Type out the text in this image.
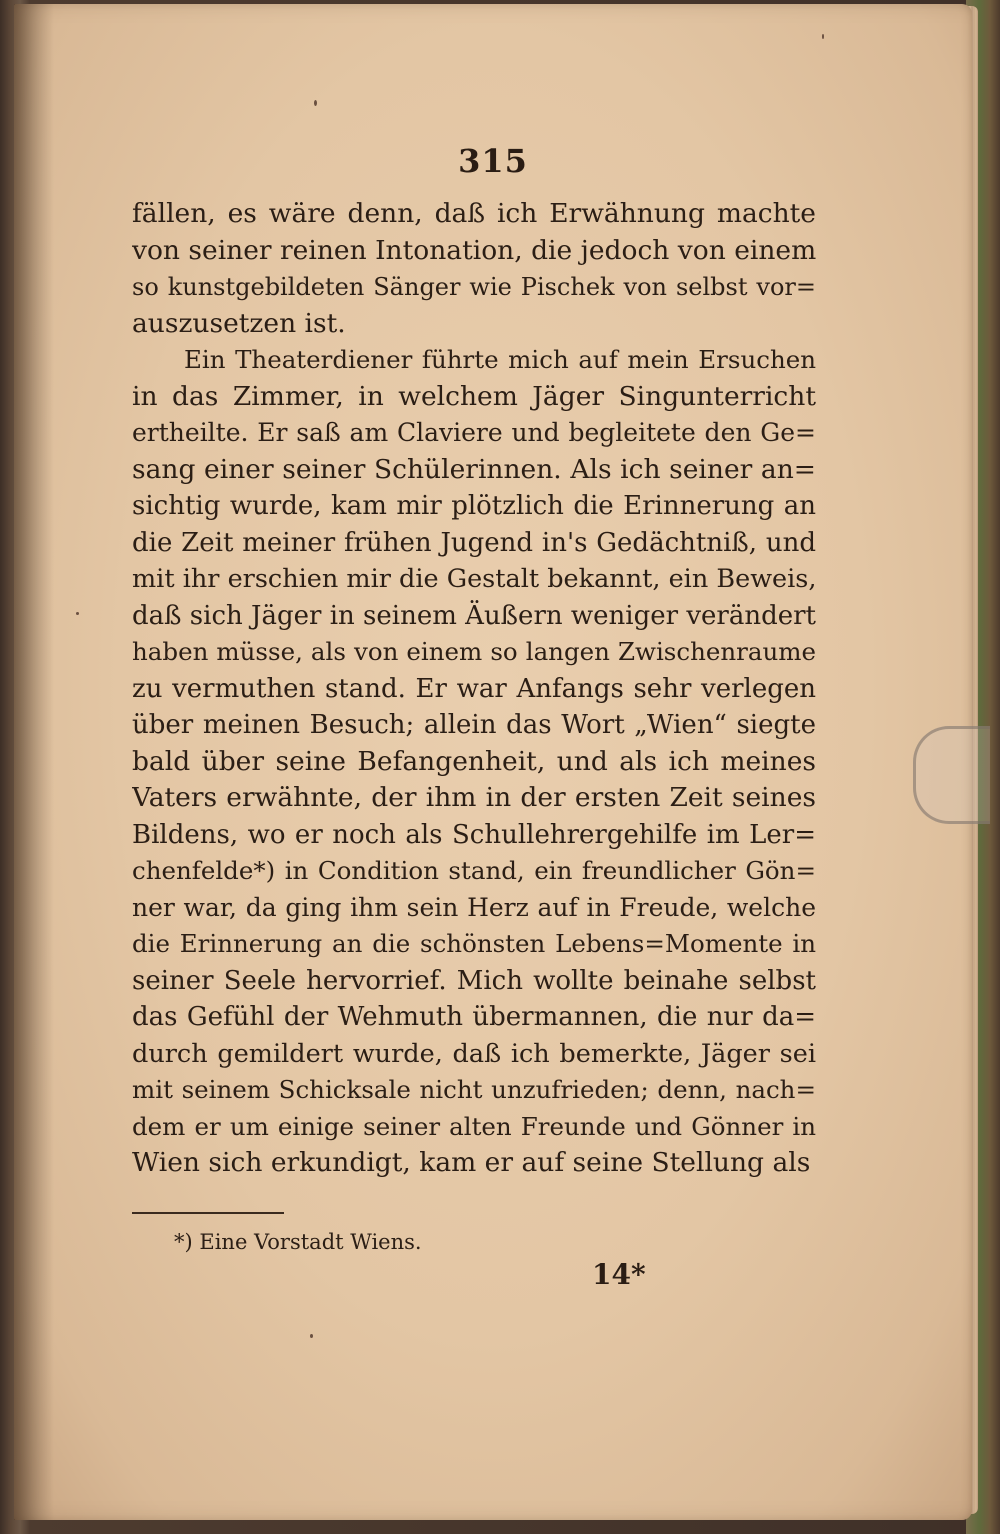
315
fällen, es wäre denn, daß ich Erwähnung machte
von seiner reinen Intonation, die jedoch von einem
so kunstgebildeten Sänger wie Pischek von selbst vor=
auszusetzen ist.
Ein Theaterdiener führte mich auf mein Ersuchen
in das Zimmer, in welchem Jäger Singunterricht
ertheilte. Er saß am Claviere und begleitete den Ge=
sang einer seiner Schülerinnen. Als ich seiner an=
sichtig wurde, kam mir plötzlich die Erinnerung an
die Zeit meiner frühen Jugend in's Gedächtniß, und
mit ihr erschien mir die Gestalt bekannt, ein Beweis,
daß sich Jäger in seinem Äußern weniger verändert
haben müsse, als von einem so langen Zwischenraume
zu vermuthen stand. Er war Anfangs sehr verlegen
über meinen Besuch; allein das Wort „Wien“ siegte
bald über seine Befangenheit, und als ich meines
Vaters erwähnte, der ihm in der ersten Zeit seines
Bildens, wo er noch als Schullehrergehilfe im Ler=
chenfelde*) in Condition stand, ein freundlicher Gön=
ner war, da ging ihm sein Herz auf in Freude, welche
die Erinnerung an die schönsten Lebens=Momente in
seiner Seele hervorrief. Mich wollte beinahe selbst
das Gefühl der Wehmuth übermannen, die nur da=
durch gemildert wurde, daß ich bemerkte, Jäger sei
mit seinem Schicksale nicht unzufrieden; denn, nach=
dem er um einige seiner alten Freunde und Gönner in
Wien sich erkundigt, kam er auf seine Stellung als
*) Eine Vorstadt Wiens.
14*
